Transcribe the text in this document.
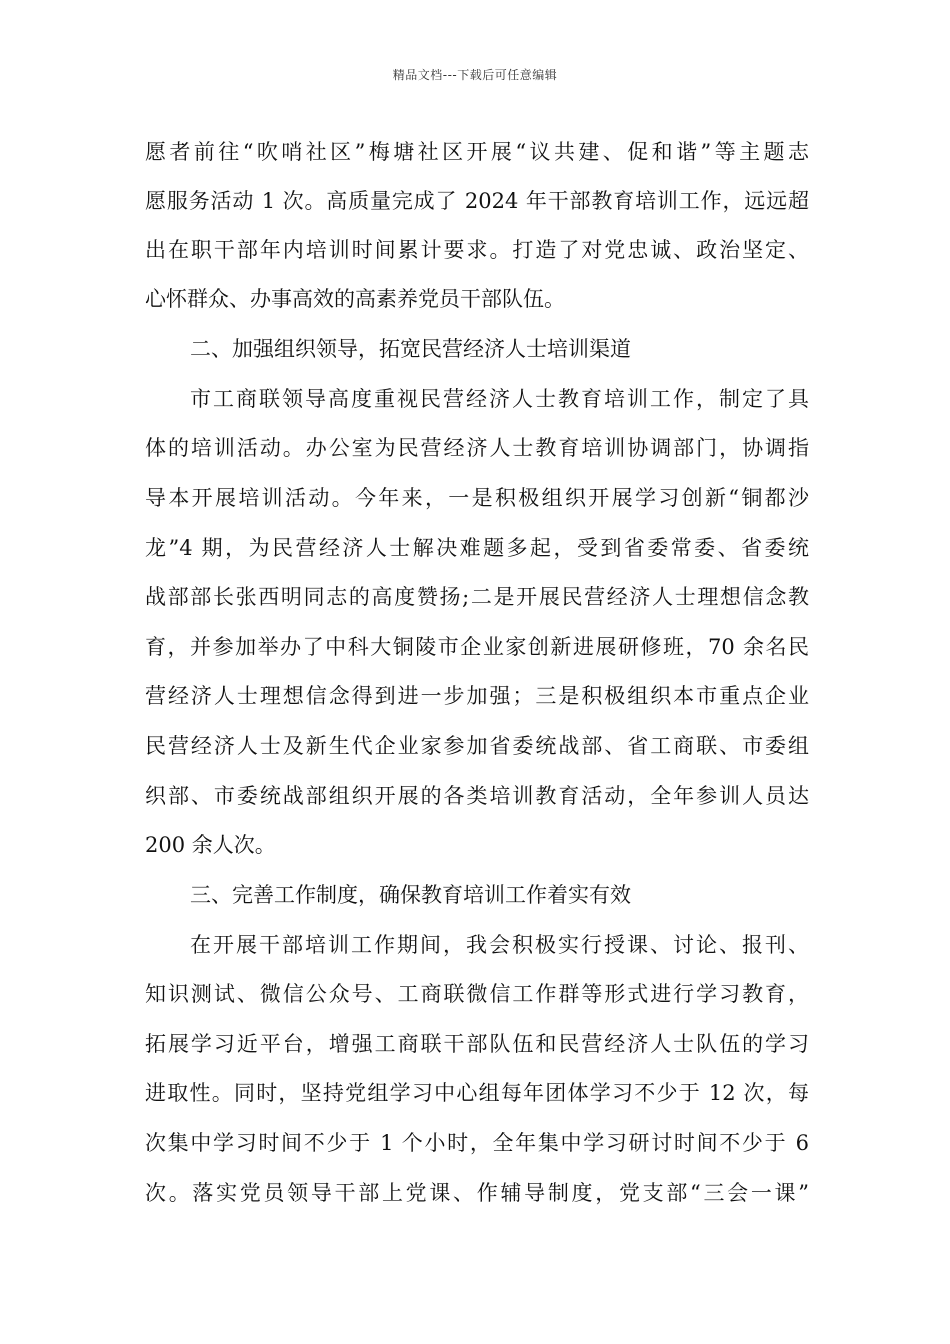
精品文档---下载后可任意编辑
愿者前往“吹哨社区”梅塘社区开展“议共建、促和谐”等主题志
愿服务活动 1 次。高质量完成了 2024 年干部教育培训工作，远远超
出在职干部年内培训时间累计要求。打造了对党忠诚、政治坚定、
心怀群众、办事高效的高素养党员干部队伍。
二、加强组织领导，拓宽民营经济人士培训渠道
市工商联领导高度重视民营经济人士教育培训工作，制定了具
体的培训活动。办公室为民营经济人士教育培训协调部门，协调指
导本开展培训活动。今年来，一是积极组织开展学习创新“铜都沙
龙”4 期，为民营经济人士解决难题多起，受到省委常委、省委统
战部部长张西明同志的高度赞扬;二是开展民营经济人士理想信念教
育，并参加举办了中科大铜陵市企业家创新进展研修班，70 余名民
营经济人士理想信念得到进一步加强；三是积极组织本市重点企业
民营经济人士及新生代企业家参加省委统战部、省工商联、市委组
织部、市委统战部组织开展的各类培训教育活动，全年参训人员达
200 余人次。
三、完善工作制度，确保教育培训工作着实有效
在开展干部培训工作期间，我会积极实行授课、讨论、报刊、
知识测试、微信公众号、工商联微信工作群等形式进行学习教育，
拓展学习近平台，增强工商联干部队伍和民营经济人士队伍的学习
进取性。同时，坚持党组学习中心组每年团体学习不少于 12 次，每
次集中学习时间不少于 1 个小时，全年集中学习研讨时间不少于 6
次。落实党员领导干部上党课、作辅导制度，党支部“三会一课”
